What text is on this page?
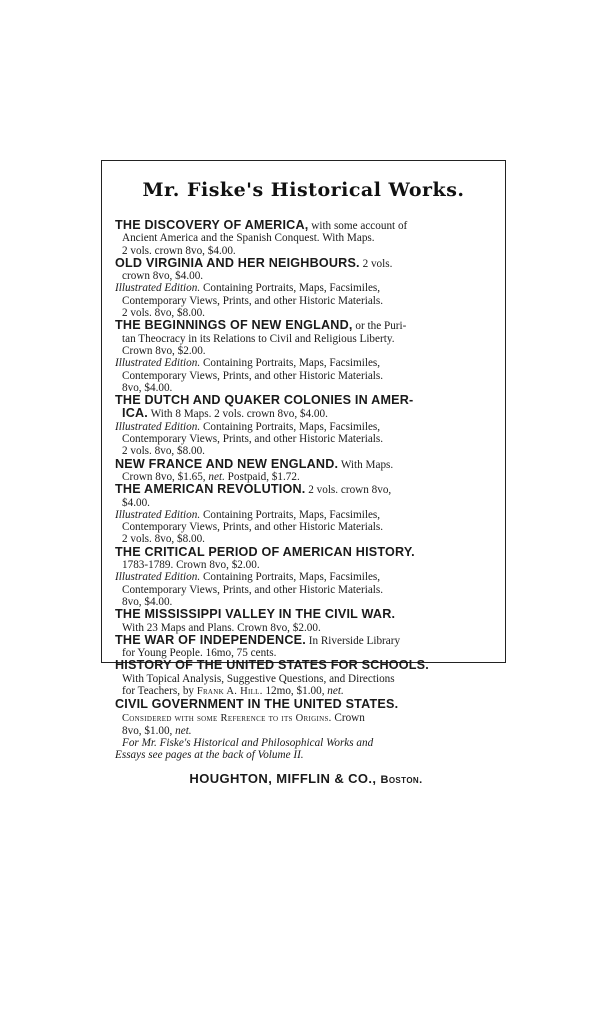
Mr. Fiske's Historical Works.

THE DISCOVERY OF AMERICA, with some account of
Ancient America and the Spanish Conquest. With Maps.
2 vols. crown 8vo, $4.00.

OLD VIRGINIA AND HER NEIGHBOURS. 2 vols.
crown 8vo, $4.00.

Illustrated Edition. Containing Portraits, Maps, Facsimiles,
Contemporary Views, Prints, and other Historic Materials.
2 vols. 8vo, $8.00.

THE BEGINNINGS OF NEW ENGLAND, or the Puri-
tan Theocracy in its Relations to Civil and Religious Liberty.
Crown 8vo, $2.00.

Illustrated Edition. Containing Portraits, Maps, Facsimiles,
Contemporary Views, Prints, and other Historic Materials.
8vo, $4.00.

THE DUTCH AND QUAKER COLONIES IN AMER-
ICA. With 8 Maps. 2 vols. crown 8vo, $4.00.

Illustrated Edition. Containing Portraits, Maps, Facsimiles,
Contemporary Views, Prints, and other Historic Materials.
2 vols. 8vo, $8.00.

NEW FRANCE AND NEW ENGLAND. With Maps.
Crown 8vo, $1.65, net. Postpaid, $1.72.

THE AMERICAN REVOLUTION. 2 vols. crown 8vo,
$4.00.

Illustrated Edition. Containing Portraits, Maps, Facsimiles,
Contemporary Views, Prints, and other Historic Materials.
2 vols. 8vo, $8.00.

THE CRITICAL PERIOD OF AMERICAN HISTORY.
1783-1789. Crown 8vo, $2.00.

Illustrated Edition. Containing Portraits, Maps, Facsimiles,
Contemporary Views, Prints, and other Historic Materials.
8vo, $4.00.

THE MISSISSIPPI VALLEY IN THE CIVIL WAR.
With 23 Maps and Plans. Crown 8vo, $2.00.

THE WAR OF INDEPENDENCE. In Riverside Library
for Young People. 16mo, 75 cents.

HISTORY OF THE UNITED STATES FOR SCHOOLS.
With Topical Analysis, Suggestive Questions, and Directions
for Teachers, by Frank A. Hill. 12mo, $1.00, net.

CIVIL GOVERNMENT IN THE UNITED STATES.
Considered with some Reference to its Origins. Crown
8vo, $1.00, net.

For Mr. Fiske's Historical and Philosophical Works and
Essays see pages at the back of Volume II.

HOUGHTON, MIFFLIN & CO., Boston.
